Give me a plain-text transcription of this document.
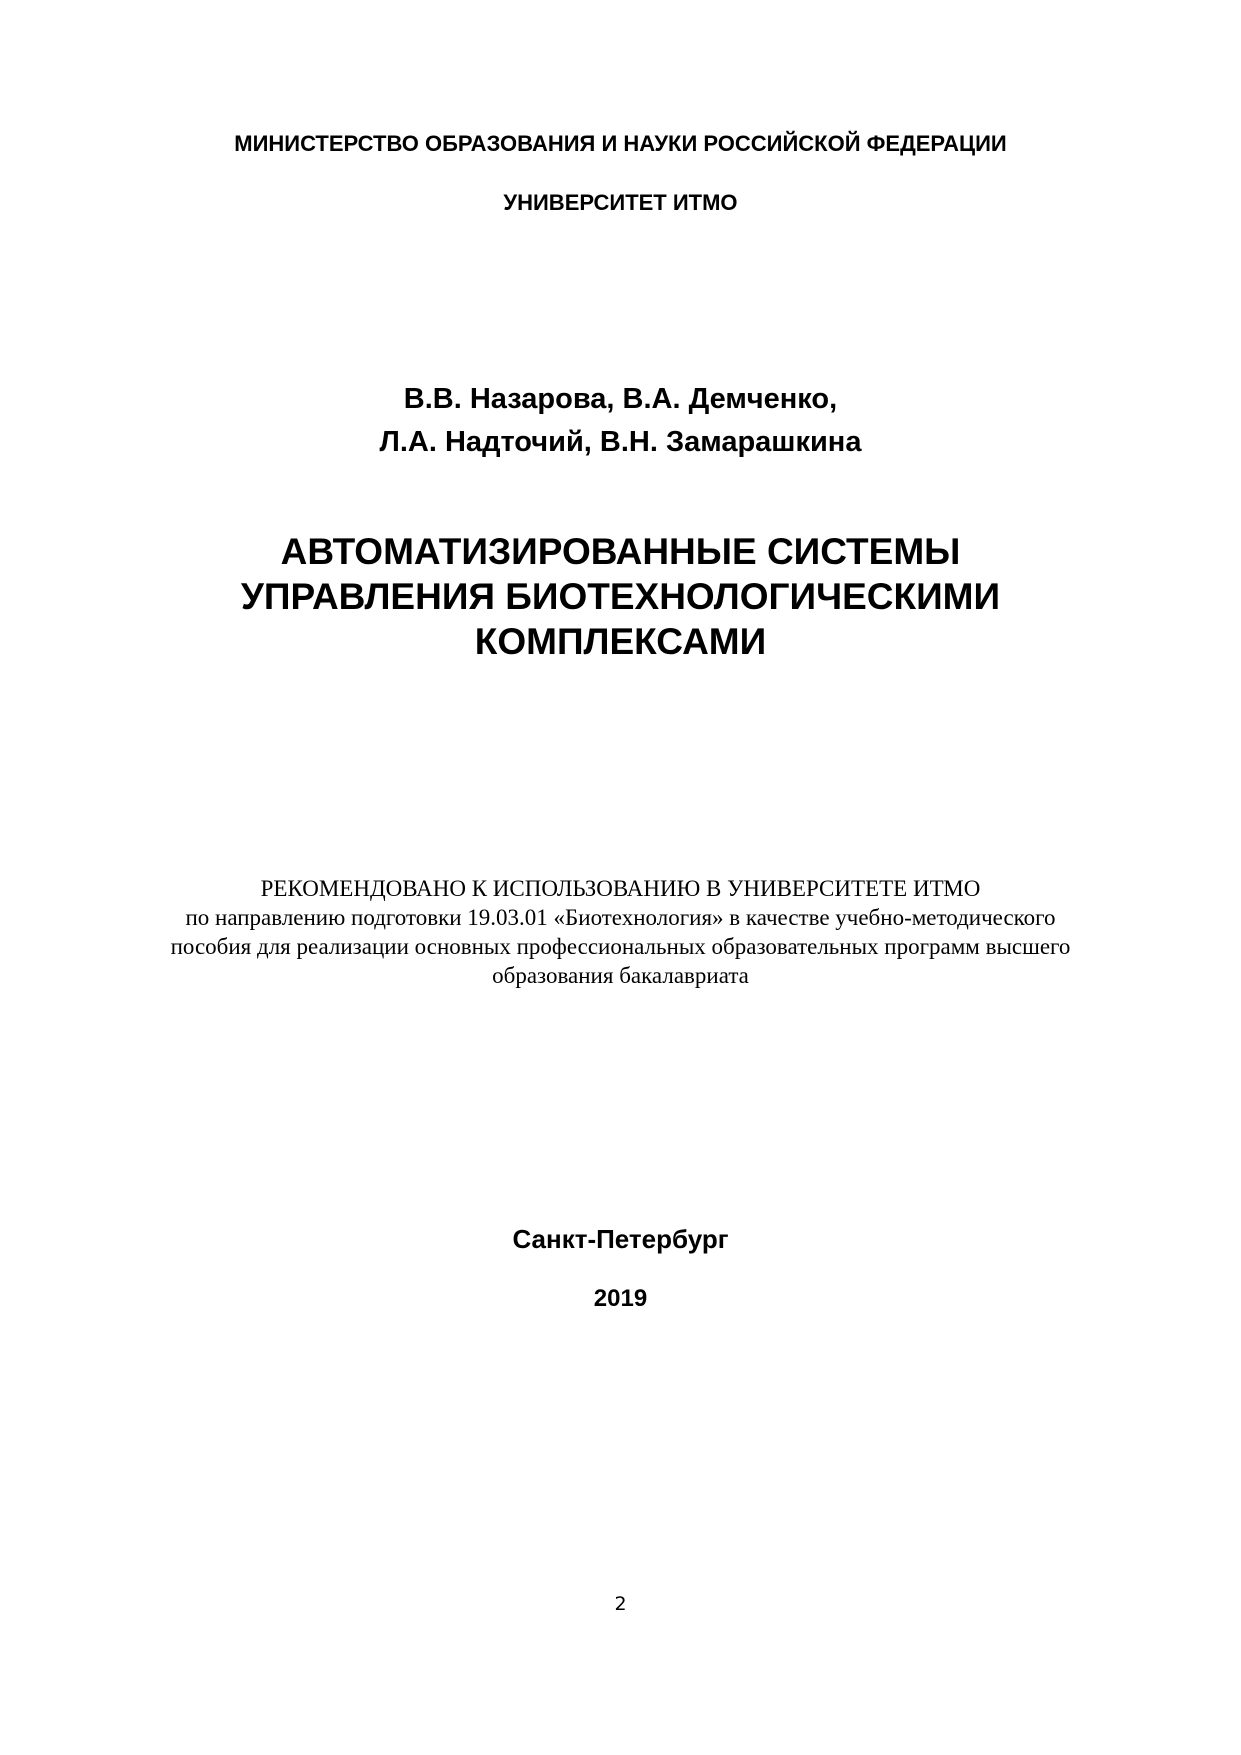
МИНИСТЕРСТВО ОБРАЗОВАНИЯ И НАУКИ РОССИЙСКОЙ ФЕДЕРАЦИИ

УНИВЕРСИТЕТ ИТМО

В.В. Назарова, В.А. Демченко,
Л.А. Надточий, В.Н. Замарашкина
АВТОМАТИЗИРОВАННЫЕ СИСТЕМЫ
УПРАВЛЕНИЯ БИОТЕХНОЛОГИЧЕСКИМИ
КОМПЛЕКСАМИ
РЕКОМЕНДОВАНО К ИСПОЛЬЗОВАНИЮ В УНИВЕРСИТЕТЕ ИТМО
по направлению подготовки 19.03.01 «Биотехнология» в качестве учебно-методического
пособия для реализации основных профессиональных образовательных программ высшего
образования бакалавриата

Санкт-Петербург

2019

2
